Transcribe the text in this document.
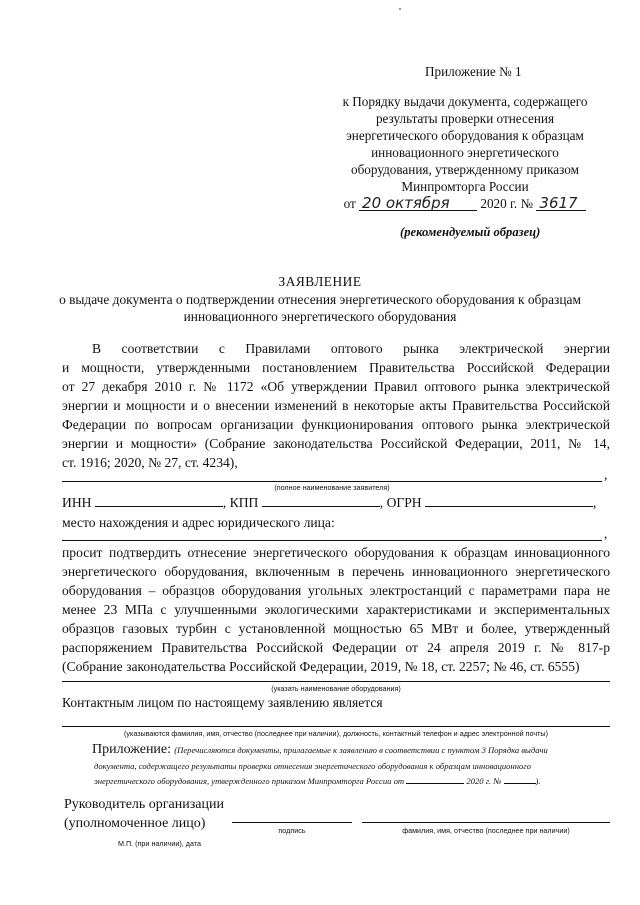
Приложение № 1
к Порядку выдачи документа, содержащего
результаты проверки отнесения
энергетического оборудования к образцам
инновационного энергетического
оборудования, утвержденному приказом
Минпромторга России
от 20 октября 2020 г. № 3617
(рекомендуемый образец)
ЗАЯВЛЕНИЕ
о выдаче документа о подтверждении отнесения энергетического оборудования к образцам
инновационного энергетического оборудования
В соответствии с Правилами оптового рынка электрической энергии
и мощности, утвержденными постановлением Правительства Российской Федерации
от 27 декабря 2010 г. № 1172 «Об утверждении Правил оптового рынка электрической
энергии и мощности и о внесении изменений в некоторые акты Правительства Российской
Федерации по вопросам организации функционирования оптового рынка электрической
энергии и мощности» (Собрание законодательства Российской Федерации, 2011, № 14,
ст. 1916; 2020, № 27, ст. 4234),
,
(полное наименование заявителя)
ИНН	, КПП	, ОГРН	,
место нахождения и адрес юридического лица:
,
просит подтвердить отнесение энергетического оборудования к образцам инновационного
энергетического оборудования, включенным в перечень инновационного энергетического
оборудования – образцов оборудования угольных электростанций с параметрами пара не
менее 23 МПа с улучшенными экологическими характеристиками и экспериментальных
образцов газовых турбин с установленной мощностью 65 МВт и более, утвержденный
распоряжением Правительства Российской Федерации от 24 апреля 2019 г. № 817-р
(Собрание законодательства Российской Федерации, 2019, № 18, ст. 2257; № 46, ст. 6555)
(указать наименование оборудования)
Контактным лицом по настоящему заявлению является
(указываются фамилия, имя, отчество (последнее при наличии), должность, контактный телефон и адрес электронной почты)
Приложение: (Перечисляются документы, прилагаемые к заявлению в соответствии с пунктом 3 Порядка выдачи
документа, содержащего результаты проверки отнесения энергетического оборудования к образцам инновационного
энергетического оборудования, утвержденного приказом Минпромторга России от	2020 г. №	).
Руководитель организации
(уполномоченное лицо)	подпись	фамилия, имя, отчество (последнее при наличии)
М.П. (при наличии), дата
